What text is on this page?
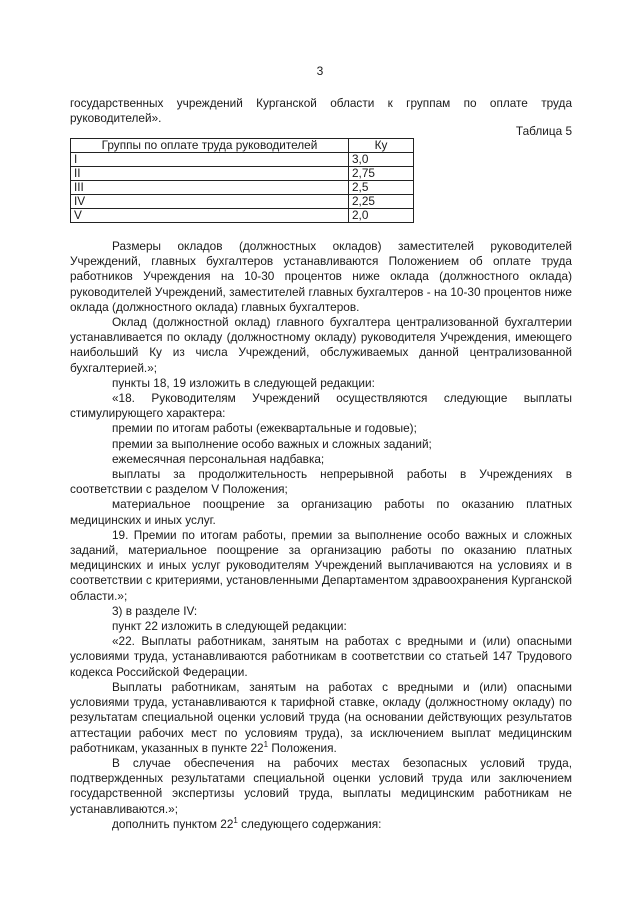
3

государственных учреждений Курганской области к группам по оплате труда руководителей».

Таблица 5
Группы по оплате труда руководителей	Ку
I	3,0
II	2,75
III	2,5
IV	2,25
V	2,0

Размеры окладов (должностных окладов) заместителей руководителей Учреждений, главных бухгалтеров устанавливаются Положением об оплате труда работников Учреждения на 10-30 процентов ниже оклада (должностного оклада) руководителей Учреждений, заместителей главных бухгалтеров - на 10-30 процентов ниже оклада (должностного оклада) главных бухгалтеров.

Оклад (должностной оклад) главного бухгалтера централизованной бухгалтерии устанавливается по окладу (должностному окладу) руководителя Учреждения, имеющего наибольший Ку из числа Учреждений, обслуживаемых данной централизованной бухгалтерией.»;

пункты 18, 19 изложить в следующей редакции:

«18. Руководителям Учреждений осуществляются следующие выплаты стимулирующего характера:

премии по итогам работы (ежеквартальные и годовые);

премии за выполнение особо важных и сложных заданий;

ежемесячная персональная надбавка;

выплаты за продолжительность непрерывной работы в Учреждениях в соответствии с разделом V Положения;

материальное поощрение за организацию работы по оказанию платных медицинских и иных услуг.

19. Премии по итогам работы, премии за выполнение особо важных и сложных заданий, материальное поощрение за организацию работы по оказанию платных медицинских и иных услуг руководителям Учреждений выплачиваются на условиях и в соответствии с критериями, установленными Департаментом здравоохранения Курганской области.»;

3) в разделе IV:

пункт 22 изложить в следующей редакции:

«22. Выплаты работникам, занятым на работах с вредными и (или) опасными условиями труда, устанавливаются работникам в соответствии со статьей 147 Трудового кодекса Российской Федерации.

Выплаты работникам, занятым на работах с вредными и (или) опасными условиями труда, устанавливаются к тарифной ставке, окладу (должностному окладу) по результатам специальной оценки условий труда (на основании действующих результатов аттестации рабочих мест по условиям труда), за исключением выплат медицинским работникам, указанных в пункте $22^1$ Положения.

В случае обеспечения на рабочих местах безопасных условий труда, подтвержденных результатами специальной оценки условий труда или заключением государственной экспертизы условий труда, выплаты медицинским работникам не устанавливаются.»;

дополнить пунктом $22^1$ следующего содержания:
